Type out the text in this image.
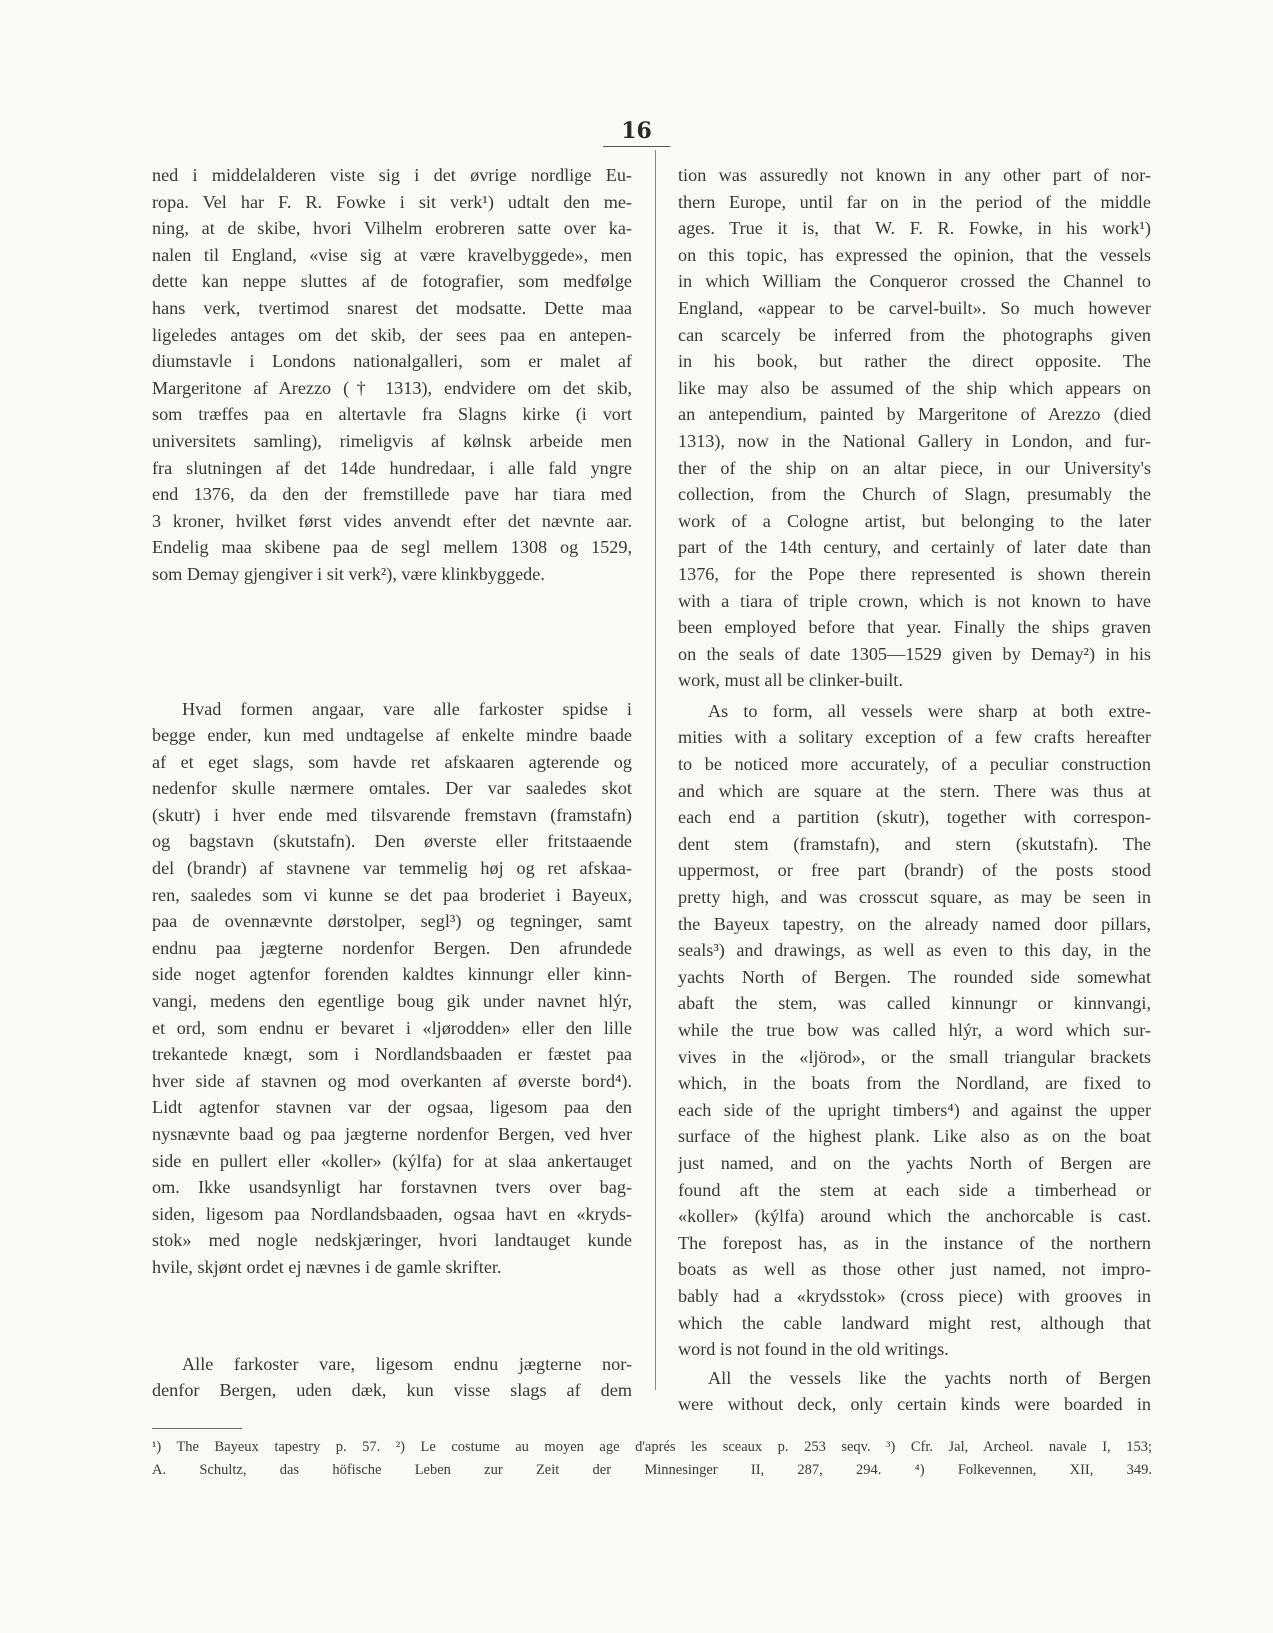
16
ned i middelalderen viste sig i det øvrige nordlige Eu-
ropa. Vel har F. R. Fowke i sit verk¹) udtalt den me-
ning, at de skibe, hvori Vilhelm erobreren satte over ka-
nalen til England, «vise sig at være kravelbyggede», men
dette kan neppe sluttes af de fotografier, som medfølge
hans verk, tvertimod snarest det modsatte. Dette maa
ligeledes antages om det skib, der sees paa en antepen-
diumstavle i Londons nationalgalleri, som er malet af
Margeritone af Arezzo († 1313), endvidere om det skib,
som træffes paa en altertavle fra Slagns kirke (i vort
universitets samling), rimeligvis af kølnsk arbeide men
fra slutningen af det 14de hundredaar, i alle fald yngre
end 1376, da den der fremstillede pave har tiara med
3 kroner, hvilket først vides anvendt efter det nævnte aar.
Endelig maa skibene paa de segl mellem 1308 og 1529,
som Demay gjengiver i sit verk²), være klinkbyggede.
Hvad formen angaar, vare alle farkoster spidse i
begge ender, kun med undtagelse af enkelte mindre baade
af et eget slags, som havde ret afskaaren agterende og
nedenfor skulle nærmere omtales. Der var saaledes skot
(skutr) i hver ende med tilsvarende fremstavn (framstafn)
og bagstavn (skutstafn). Den øverste eller fritstaaende
del (brandr) af stavnene var temmelig høj og ret afskaa-
ren, saaledes som vi kunne se det paa broderiet i Bayeux,
paa de ovennævnte dørstolper, segl³) og tegninger, samt
endnu paa jægterne nordenfor Bergen. Den afrundede
side noget agtenfor forenden kaldtes kinnungr eller kinn-
vangi, medens den egentlige boug gik under navnet hlýr,
et ord, som endnu er bevaret i «ljørodden» eller den lille
trekantede knægt, som i Nordlandsbaaden er fæstet paa
hver side af stavnen og mod overkanten af øverste bord⁴).
Lidt agtenfor stavnen var der ogsaa, ligesom paa den
nysnævnte baad og paa jægterne nordenfor Bergen, ved hver
side en pullert eller «koller» (kýlfa) for at slaa ankertauget
om. Ikke usandsynligt har forstavnen tvers over bag-
siden, ligesom paa Nordlandsbaaden, ogsaa havt en «kryds-
stok» med nogle nedskjæringer, hvori landtauget kunde
hvile, skjønt ordet ej nævnes i de gamle skrifter.
Alle farkoster vare, ligesom endnu jægterne nor-
denfor Bergen, uden dæk, kun visse slags af dem
tion was assuredly not known in any other part of nor-
thern Europe, until far on in the period of the middle
ages. True it is, that W. F. R. Fowke, in his work¹)
on this topic, has expressed the opinion, that the vessels
in which William the Conqueror crossed the Channel to
England, «appear to be carvel-built». So much however
can scarcely be inferred from the photographs given
in his book, but rather the direct opposite. The
like may also be assumed of the ship which appears on
an antependium, painted by Margeritone of Arezzo (died
1313), now in the National Gallery in London, and fur-
ther of the ship on an altar piece, in our University's
collection, from the Church of Slagn, presumably the
work of a Cologne artist, but belonging to the later
part of the 14th century, and certainly of later date than
1376, for the Pope there represented is shown therein
with a tiara of triple crown, which is not known to have
been employed before that year. Finally the ships graven
on the seals of date 1305—1529 given by Demay²) in his
work, must all be clinker-built.
As to form, all vessels were sharp at both extre-
mities with a solitary exception of a few crafts hereafter
to be noticed more accurately, of a peculiar construction
and which are square at the stern. There was thus at
each end a partition (skutr), together with correspon-
dent stem (framstafn), and stern (skutstafn). The
uppermost, or free part (brandr) of the posts stood
pretty high, and was crosscut square, as may be seen in
the Bayeux tapestry, on the already named door pillars,
seals³) and drawings, as well as even to this day, in the
yachts North of Bergen. The rounded side somewhat
abaft the stem, was called kinnungr or kinnvangi,
while the true bow was called hlýr, a word which sur-
vives in the «ljörod», or the small triangular brackets
which, in the boats from the Nordland, are fixed to
each side of the upright timbers⁴) and against the upper
surface of the highest plank. Like also as on the boat
just named, and on the yachts North of Bergen are
found aft the stem at each side a timberhead or
«koller» (kýlfa) around which the anchorcable is cast.
The forepost has, as in the instance of the northern
boats as well as those other just named, not impro-
bably had a «krydsstok» (cross piece) with grooves in
which the cable landward might rest, although that
word is not found in the old writings.
All the vessels like the yachts north of Bergen
were without deck, only certain kinds were boarded in
¹) The Bayeux tapestry p. 57. ²) Le costume au moyen age d'aprés les sceaux p. 253 seqv. ³) Cfr. Jal, Archeol. navale I, 153;
A. Schultz, das höfische Leben zur Zeit der Minnesinger II, 287, 294. ⁴) Folkevennen, XII, 349.
